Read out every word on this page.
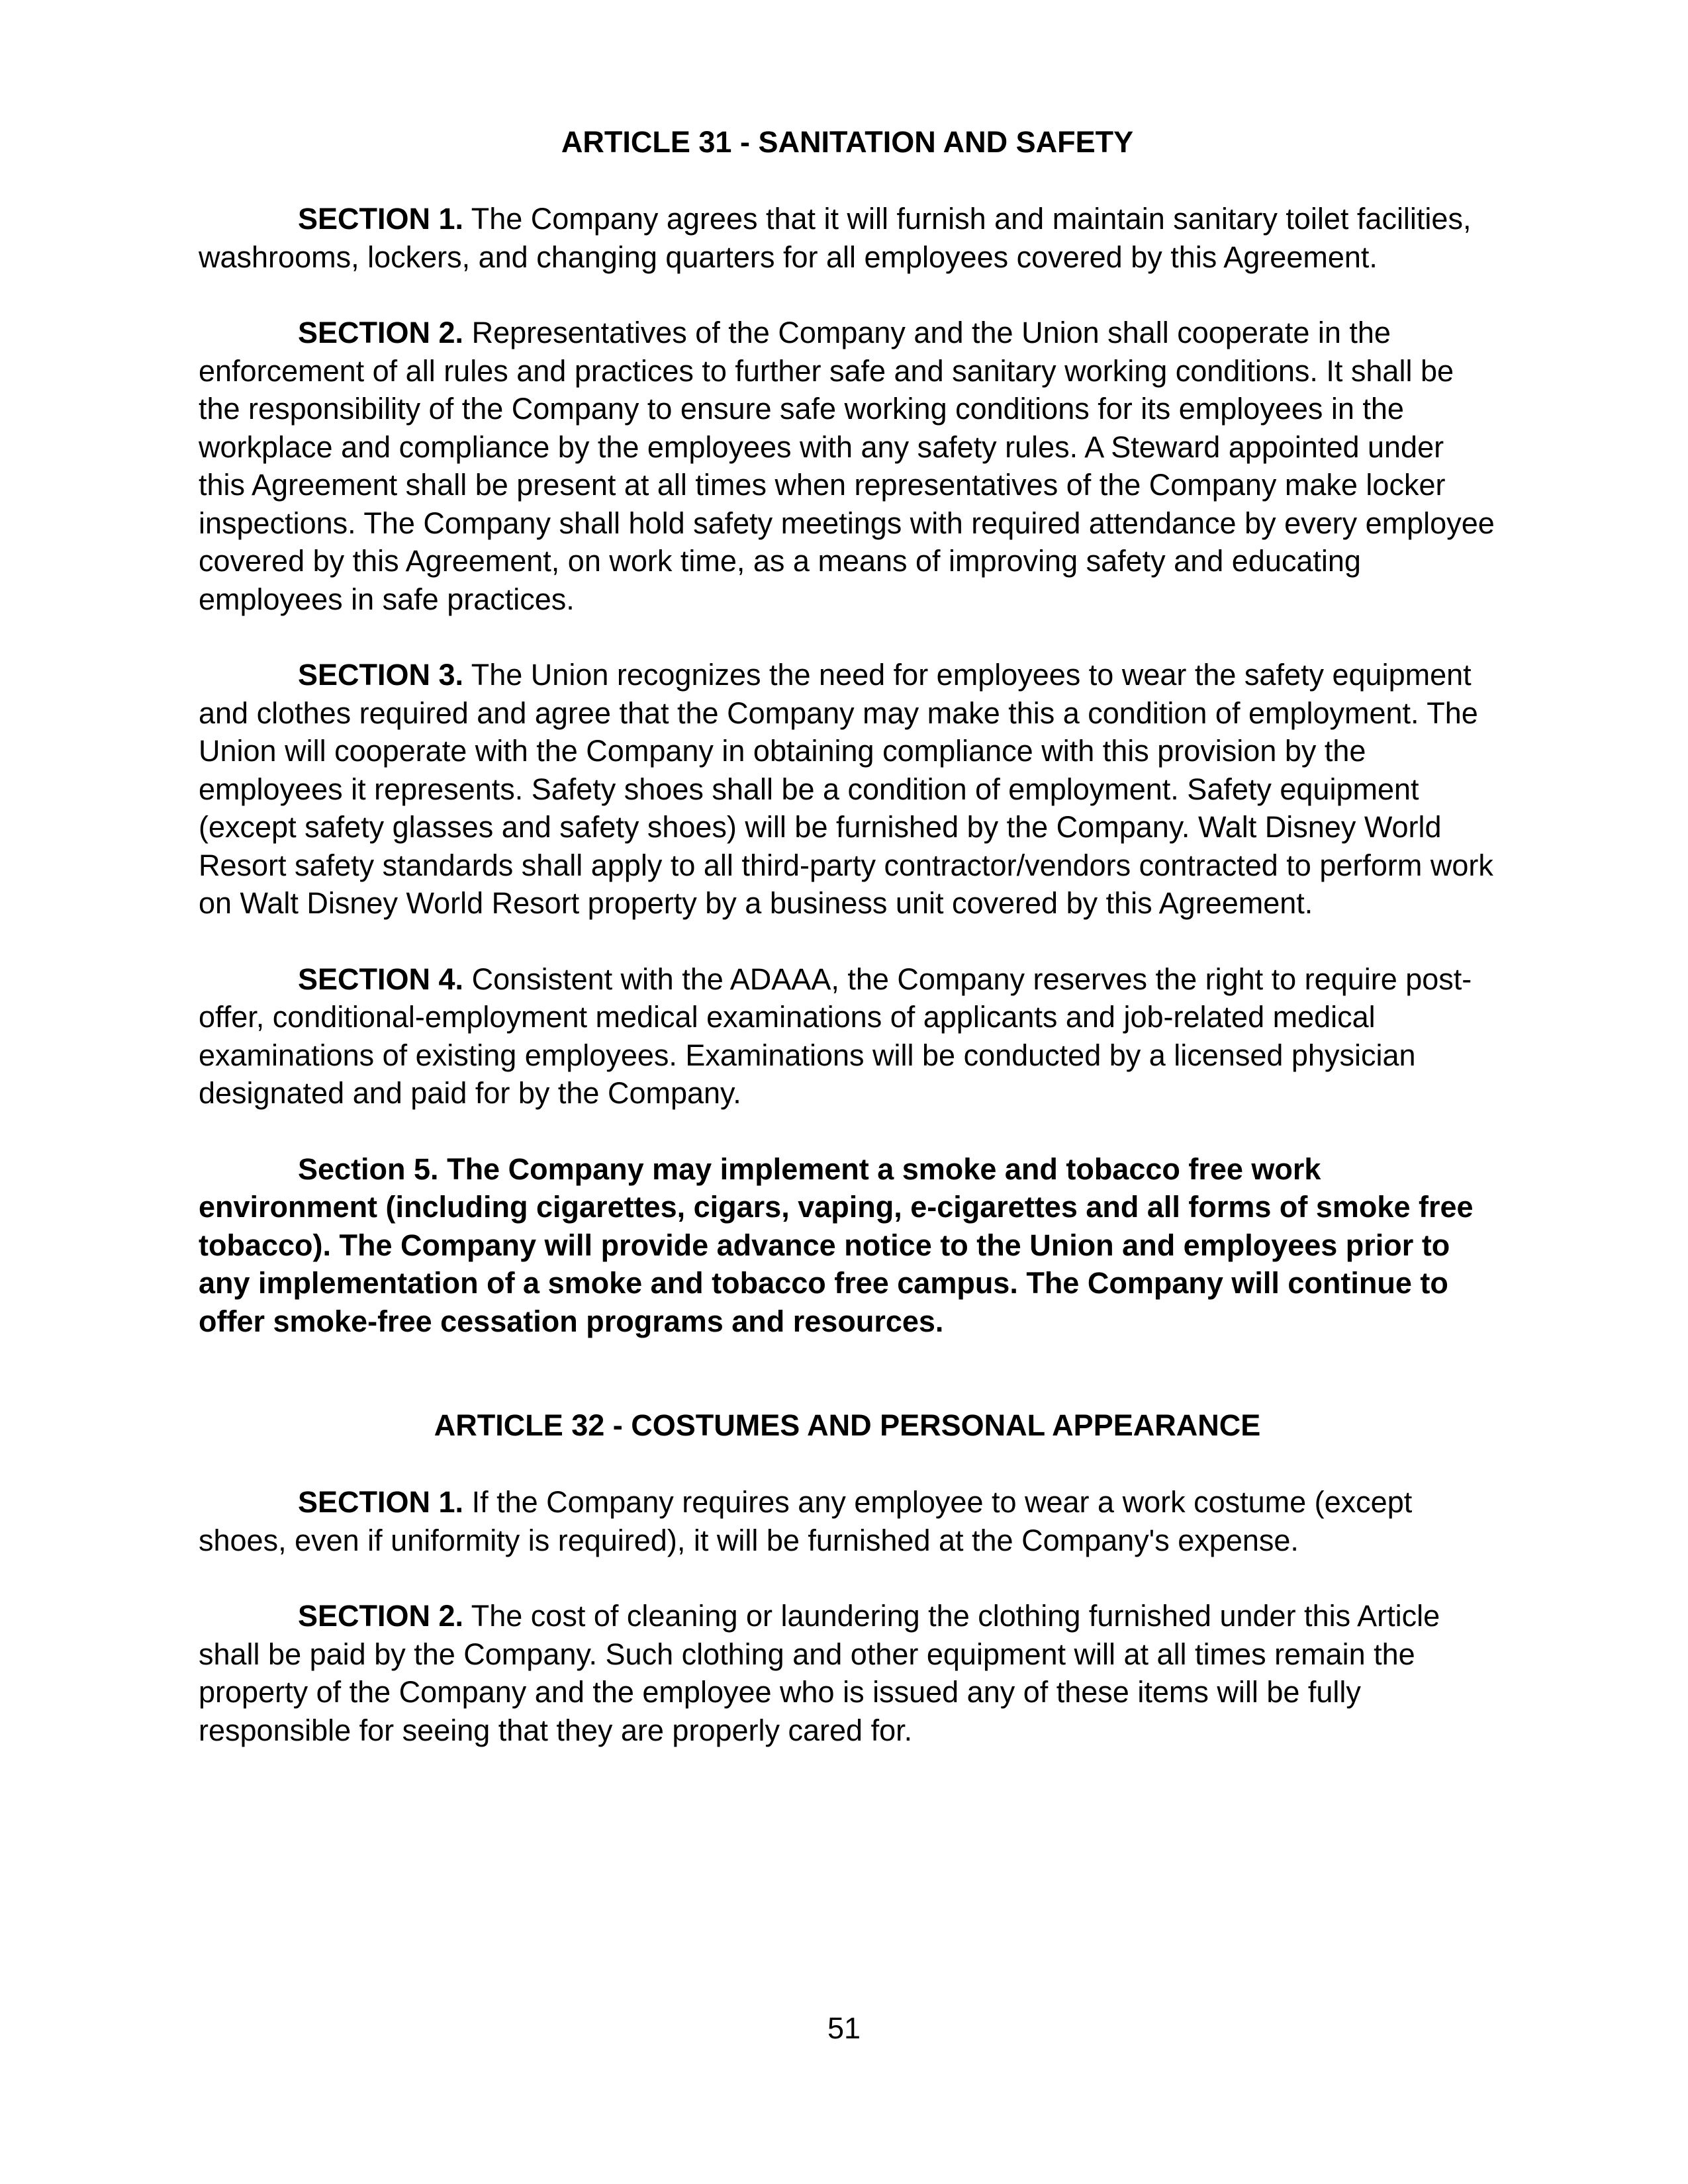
ARTICLE 31 - SANITATION AND SAFETY

SECTION 1. The Company agrees that it will furnish and maintain sanitary toilet facilities, washrooms, lockers, and changing quarters for all employees covered by this Agreement.

SECTION 2. Representatives of the Company and the Union shall cooperate in the enforcement of all rules and practices to further safe and sanitary working conditions. It shall be the responsibility of the Company to ensure safe working conditions for its employees in the workplace and compliance by the employees with any safety rules. A Steward appointed under this Agreement shall be present at all times when representatives of the Company make locker inspections. The Company shall hold safety meetings with required attendance by every employee covered by this Agreement, on work time, as a means of improving safety and educating employees in safe practices.

SECTION 3. The Union recognizes the need for employees to wear the safety equipment and clothes required and agree that the Company may make this a condition of employment. The Union will cooperate with the Company in obtaining compliance with this provision by the employees it represents. Safety shoes shall be a condition of employment. Safety equipment (except safety glasses and safety shoes) will be furnished by the Company. Walt Disney World Resort safety standards shall apply to all third-party contractor/vendors contracted to perform work on Walt Disney World Resort property by a business unit covered by this Agreement.

SECTION 4. Consistent with the ADAAA, the Company reserves the right to require post-offer, conditional-employment medical examinations of applicants and job-related medical examinations of existing employees. Examinations will be conducted by a licensed physician designated and paid for by the Company.

Section 5. The Company may implement a smoke and tobacco free work environment (including cigarettes, cigars, vaping, e-cigarettes and all forms of smoke free tobacco). The Company will provide advance notice to the Union and employees prior to any implementation of a smoke and tobacco free campus. The Company will continue to offer smoke-free cessation programs and resources.

ARTICLE 32 - COSTUMES AND PERSONAL APPEARANCE

SECTION 1. If the Company requires any employee to wear a work costume (except shoes, even if uniformity is required), it will be furnished at the Company's expense.

SECTION 2. The cost of cleaning or laundering the clothing furnished under this Article shall be paid by the Company. Such clothing and other equipment will at all times remain the property of the Company and the employee who is issued any of these items will be fully responsible for seeing that they are properly cared for.

51
